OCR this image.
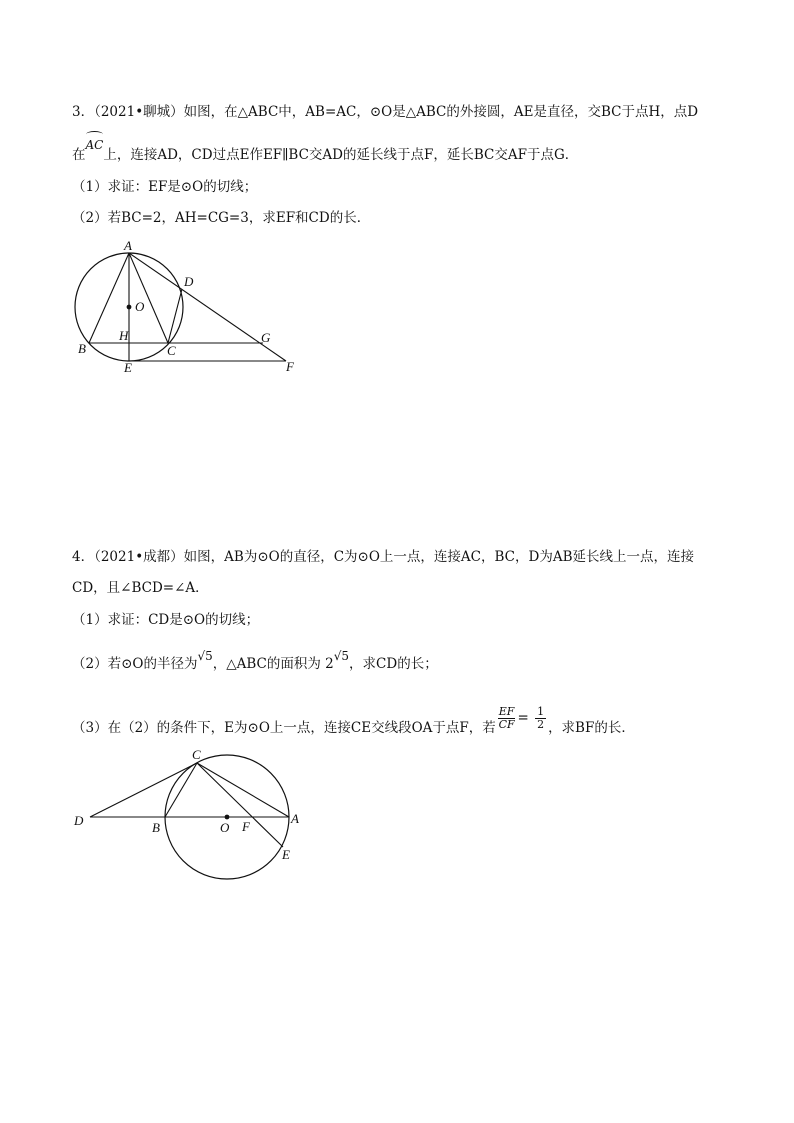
3．（2021•聊城）如图，在△ABC中，AB=AC，⊙O是△ABC的外接圆，AE是直径，交BC于点H，点D
在AC
上，连接AD，CD过点E作EF∥BC交AD的延长线于点F，延长BC交AF于点G．
（1）求证：EF是⊙O的切线；
（2）若BC=2，AH=CG=3，求EF和CD的长．
A
D
O
H
B	C
G
E	F
4．（2021•成都）如图，AB为⊙O的直径，C为⊙O上一点，连接AC，BC，D为AB延长线上一点，连接
CD，且∠BCD=∠A．
（1）求证：CD是⊙O的切线；
（2）若⊙O的半径为√5，△ABC的面积为 2√5，求CD的长；
（3）在（2）的条件下，E为⊙O上一点，连接CE交线段OA于点F，若 $\frac{EF}{CF} = \frac{1}{2}$ ，求BF的长．
C
D	B	O F
A
E
